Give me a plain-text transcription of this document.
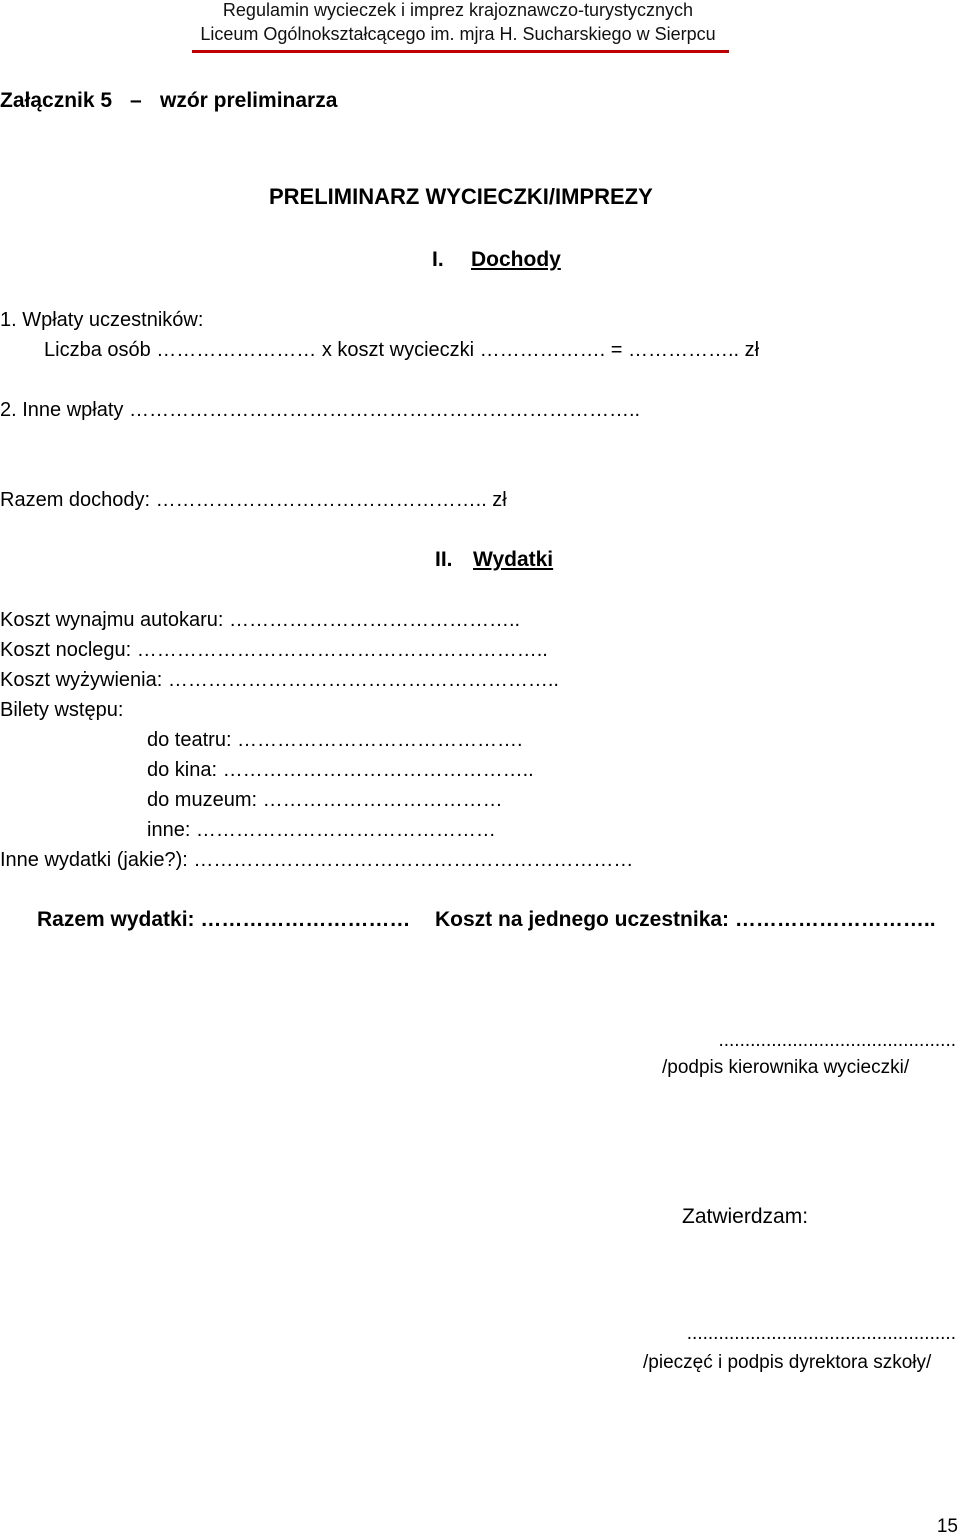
Regulamin wycieczek i imprez krajoznawczo-turystycznych
Liceum Ogólnokształcącego im. mjra H. Sucharskiego w Sierpcu
Załącznik 5 – wzór preliminarza
PRELIMINARZ WYCIECZKI/IMPREZY
I. Dochody
1. Wpłaty uczestników:
Liczba osób …………………… x koszt wycieczki ………………. = …………….. zł
2. Inne wpłaty …………………………………………………………………..
Razem dochody: ………………………………………….. zł
II. Wydatki
Koszt wynajmu autokaru: ……………………………………..
Koszt noclegu: ……………………………………………………..
Koszt wyżywienia: …………………………………………………..
Bilety wstępu:
do teatru: …………………………………….
do kina: ………………………………………..
do muzeum: ………………………………
inne: ………………………………………
Inne wydatki (jakie?): …………………………………………………………
Razem wydatki: ………………………… Koszt na jednego uczestnika: ………………………..
.............................................
/podpis kierownika wycieczki/
Zatwierdzam:
...................................................
/pieczęć i podpis dyrektora szkoły/
15
